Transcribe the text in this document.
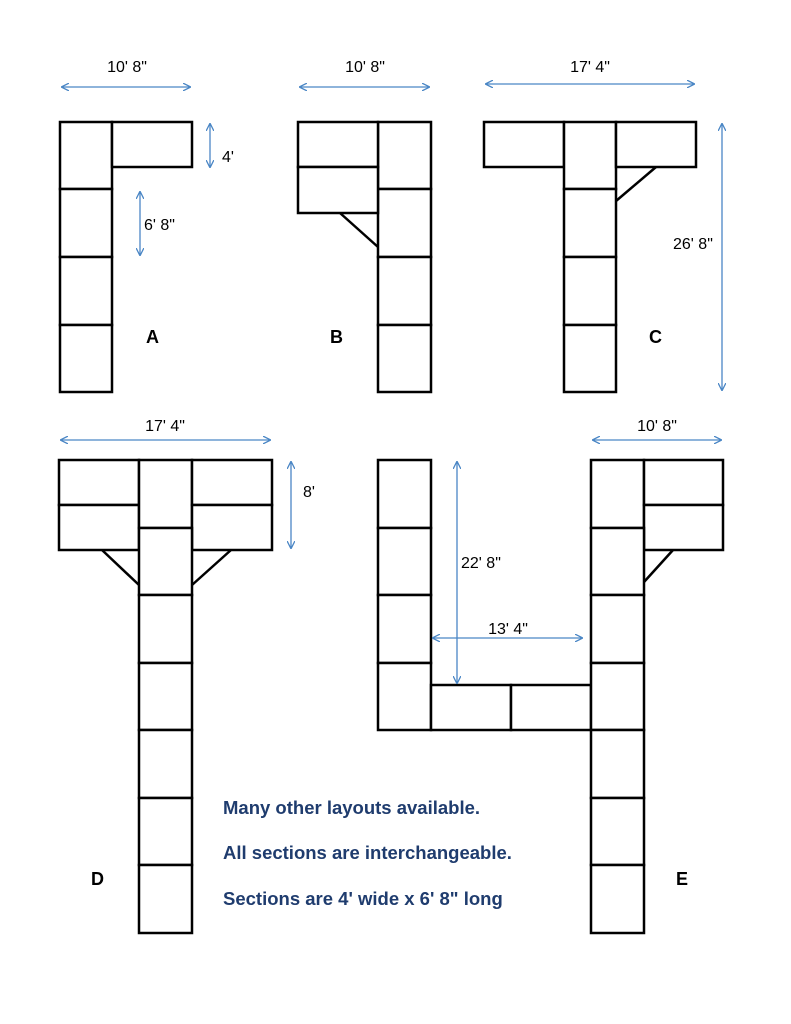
10' 8"
4'
6' 8"
A
10' 8"
B
17' 4"
26' 8"
C
17' 4"
8'
D
10' 8"
22' 8"
13' 4"
E
Many other layouts available.
All sections are interchangeable.
Sections are 4' wide x 6' 8" long
